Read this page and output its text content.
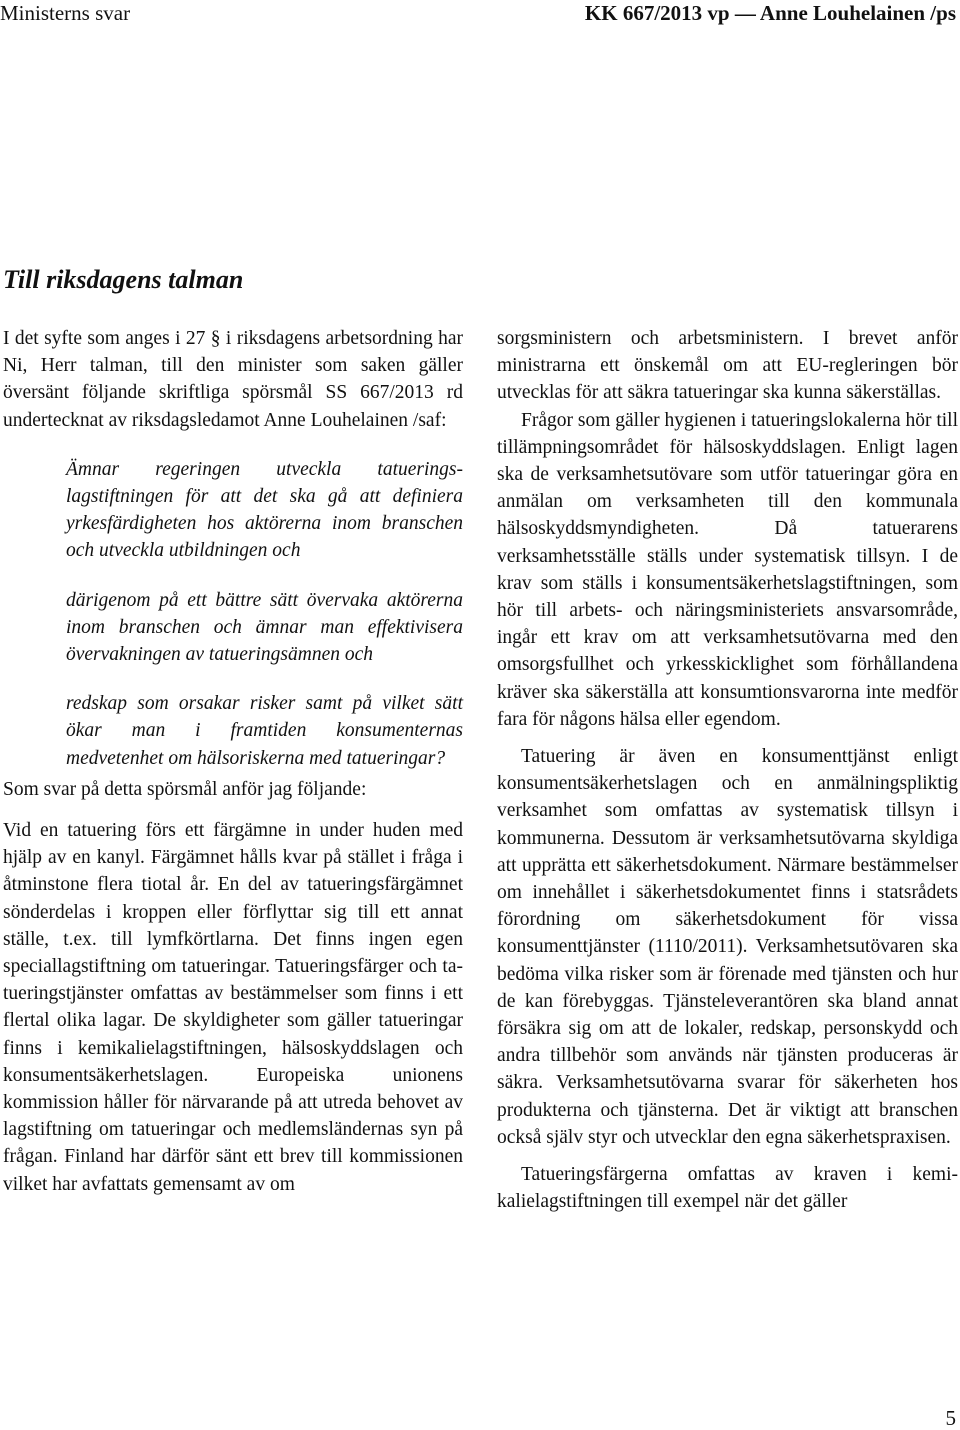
Ministerns svar	KK 667/2013 vp — Anne Louhelainen /ps
Till riksdagens talman

I det syfte som anges i 27 § i riksdagens arbetsordning har Ni, Herr talman, till den minister som saken gäller översänt följande skriftliga spörsmål SS 667/2013 rd undertecknat av riksdagsledamot Anne Louhelainen /saf:

Ämnar regeringen utveckla tatueringslagstiftningen för att det ska gå att definiera yrkesfärdigheten hos aktörerna inom branschen och utveckla utbildningen och

därigenom på ett bättre sätt övervaka aktörerna inom branschen och ämnar man effektivisera övervakningen av tatueringsämnen och

redskap som orsakar risker samt på vilket sätt ökar man i framtiden konsumenternas medvetenhet om hälsoriskerna med tatueringar?

Som svar på detta spörsmål anför jag följande:

Vid en tatuering förs ett färgämne in under huden med hjälp av en kanyl. Färgämnet hålls kvar på stället i fråga i åtminstone flera tiotal år. En del av tatueringsfärgämnet sönderdelas i kroppen eller förflyttar sig till ett annat ställe, t.ex. till lymfkörtlarna. Det finns ingen egen speciallagstiftning om tatueringar. Tatueringsfärger och tatueringstjänster omfattas av bestämmelser som finns i ett flertal olika lagar. De skyldigheter som gäller tatueringar finns i kemikalielagstiftningen, hälsoskyddslagen och konsumentsäkerhetslagen. Europeiska unionens kommission håller för närvarande på att utreda behovet av lagstiftning om tatueringar och medlemsländernas syn på frågan. Finland har därför sänt ett brev till kommissionen vilket har avfattats gemensamt av om

sorgsministern och arbetsministern. I brevet anför ministrarna ett önskemål om att EU-regleringen bör utvecklas för att säkra tatueringar ska kunna säkerställas.

Frågor som gäller hygienen i tatueringslokalerna hör till tillämpningsområdet för hälsoskyddslagen. Enligt lagen ska de verksamhetsutövare som utför tatueringar göra en anmälan om verksamheten till den kommunala hälsoskyddsmyndigheten. Då tatuerarens verksamhetsställe ställs under systematisk tillsyn. I de krav som ställs i konsumentsäkerhetslagstiftningen, som hör till arbets- och näringsministeriets ansvarsområde, ingår ett krav om att verksamhetsutövarna med den omsorgsfullhet och yrkesskicklighet som förhållandena kräver ska säkerställa att konsumtionsvarorna inte medför fara för någons hälsa eller egendom.

Tatuering är även en konsumenttjänst enligt konsumentsäkerhetslagen och en anmälningspliktig verksamhet som omfattas av systematisk tillsyn i kommunerna. Dessutom är verksamhetsutövarna skyldiga att upprätta ett säkerhetsdokument. Närmare bestämmelser om innehållet i säkerhetsdokumentet finns i statsrådets förordning om säkerhetsdokument för vissa konsumenttjänster (1110/2011). Verksamhetsutövaren ska bedöma vilka risker som är förenade med tjänsten och hur de kan förebyggas. Tjänsteleverantören ska bland annat försäkra sig om att de lokaler, redskap, personskydd och andra tillbehör som används när tjänsten produceras är säkra. Verksamhetsutövarna svarar för säkerheten hos produkterna och tjänsterna. Det är viktigt att branschen också själv styr och utvecklar den egna säkerhetspraxisen.

Tatueringsfärgerna omfattas av kraven i kemikalielagstiftningen till exempel när det gäller

5
